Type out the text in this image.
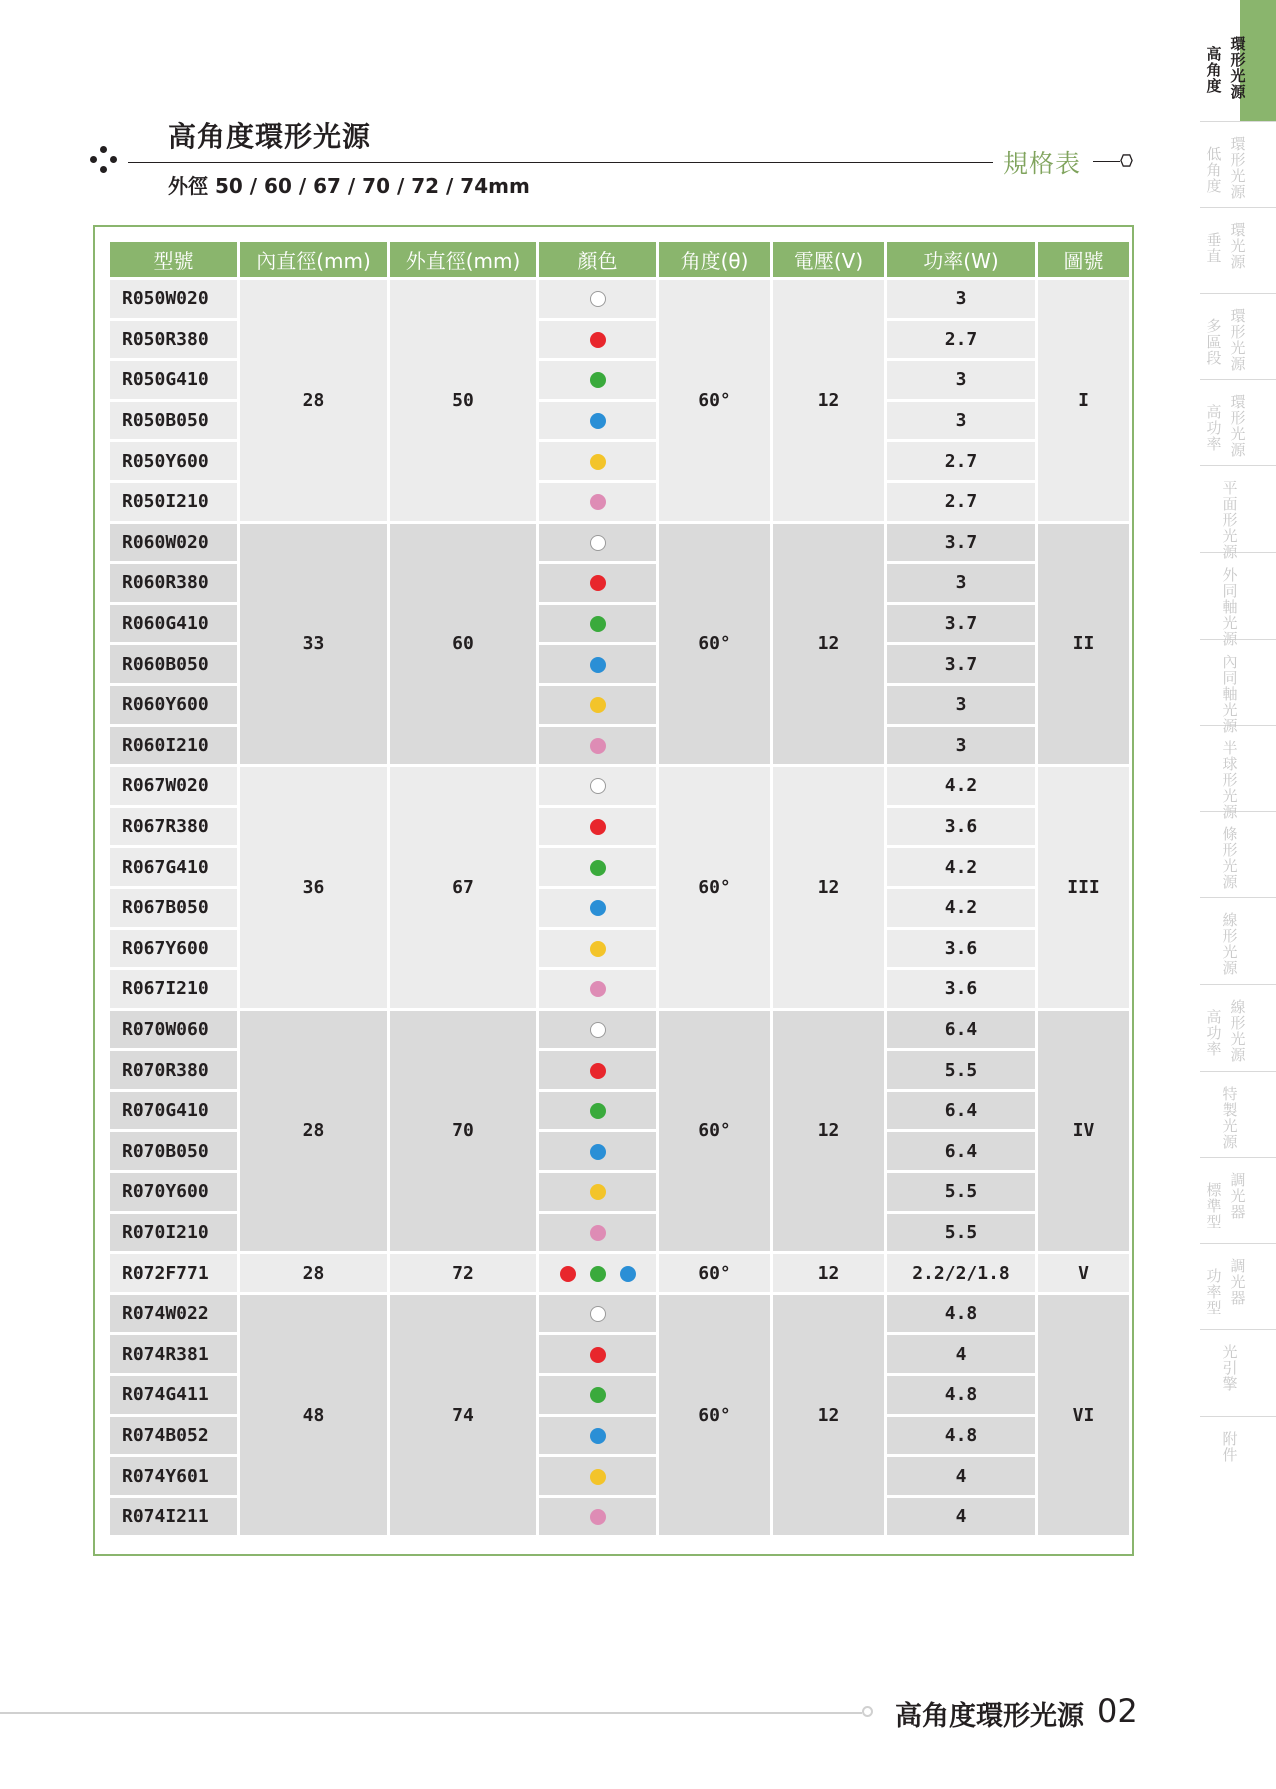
高角度環形光源
外徑 50 / 60 / 67 / 70 / 72 / 74mm
規格表
型號	內直徑(mm)	外直徑(mm)	顏色	角度(θ)	電壓(V)	功率(W)	圖號
R050W020	28	50		60°	12	3	I
R050R380						2.7	
R050G410						3	
R050B050						3	
R050Y600						2.7	
R050I210						2.7	
R060W020	33	60		60°	12	3.7	II
R060R380						3	
R060G410						3.7	
R060B050						3.7	
R060Y600						3	
R060I210						3	
R067W020	36	67		60°	12	4.2	III
R067R380						3.6	
R067G410						4.2	
R067B050						4.2	
R067Y600						3.6	
R067I210						3.6	
R070W060	28	70		60°	12	6.4	IV
R070R380						5.5	
R070G410						6.4	
R070B050						6.4	
R070Y600						5.5	
R070I210						5.5	
R072F771	28	72		60°	12	2.2/2/1.8	V
R074W022	48	74		60°	12	4.8	VI
R074R381						4	
R074G411						4.8	
R074B052						4.8	
R074Y601						4	
R074I211						4	
環形光源
高角度
環形光源
低角度
環光源
垂直
環形光源
多區段
環形光源
高功率
平面形光源
外同軸光源
內同軸光源
半球形光源
條形光源
線形光源
線形光源
高功率
特製光源
調光器
標準型
調光器
功率型
光引擎
附件
高角度環形光源 02
